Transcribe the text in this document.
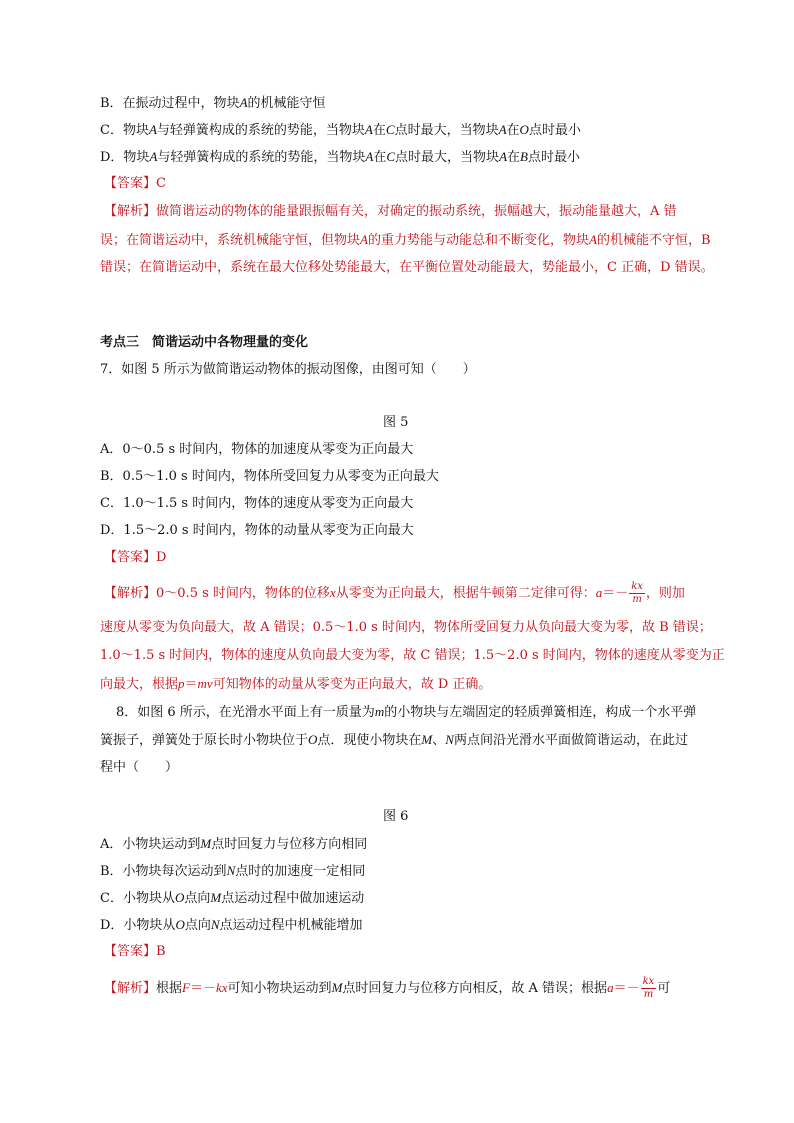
B．在振动过程中，物块A的机械能守恒
C．物块A与轻弹簧构成的系统的势能，当物块A在C点时最大，当物块A在O点时最小
D．物块A与轻弹簧构成的系统的势能，当物块A在C点时最大，当物块A在B点时最小
【答案】C
【解析】做简谐运动的物体的能量跟振幅有关，对确定的振动系统，振幅越大，振动能量越大，A 错
误；在简谐运动中，系统机械能守恒，但物块A的重力势能与动能总和不断变化，物块A的机械能不守恒，B
错误；在简谐运动中，系统在最大位移处势能最大，在平衡位置处动能最大，势能最小，C 正确，D 错误。
考点三　简谐运动中各物理量的变化
7．如图 5 所示为做简谐运动物体的振动图像，由图可知（　　）
图 5
A．0～0.5 s 时间内，物体的加速度从零变为正向最大
B．0.5～1.0 s 时间内，物体所受回复力从零变为正向最大
C．1.0～1.5 s 时间内，物体的速度从零变为正向最大
D．1.5～2.0 s 时间内，物体的动量从零变为正向最大
【答案】D
【解析】0～0.5 s 时间内，物体的位移x从零变为正向最大，根据牛顿第二定律可得：$a=- \frac{kx}{m}$ ，则加
速度从零变为负向最大，故 A 错误；0.5～1.0 s 时间内，物体所受回复力从负向最大变为零，故 B 错误；
1.0～1.5 s 时间内，物体的速度从负向最大变为零，故 C 错误；1.5～2.0 s 时间内，物体的速度从零变为正
向最大，根据p＝mv可知物体的动量从零变为正向最大，故 D 正确。
8．如图 6 所示，在光滑水平面上有一质量为m的小物块与左端固定的轻质弹簧相连，构成一个水平弹
簧振子，弹簧处于原长时小物块位于O点．现使小物块在M、N两点间沿光滑水平面做简谐运动，在此过
程中（　　）
图 6
A．小物块运动到M点时回复力与位移方向相同
B．小物块每次运动到N点时的加速度一定相同
C．小物块从O点向M点运动过程中做加速运动
D．小物块从O点向N点运动过程中机械能增加
【答案】B
【解析】根据F＝－kx可知小物块运动到M点时回复力与位移方向相反，故 A 错误；根据$a=- \frac{kx}{m}$ 可
